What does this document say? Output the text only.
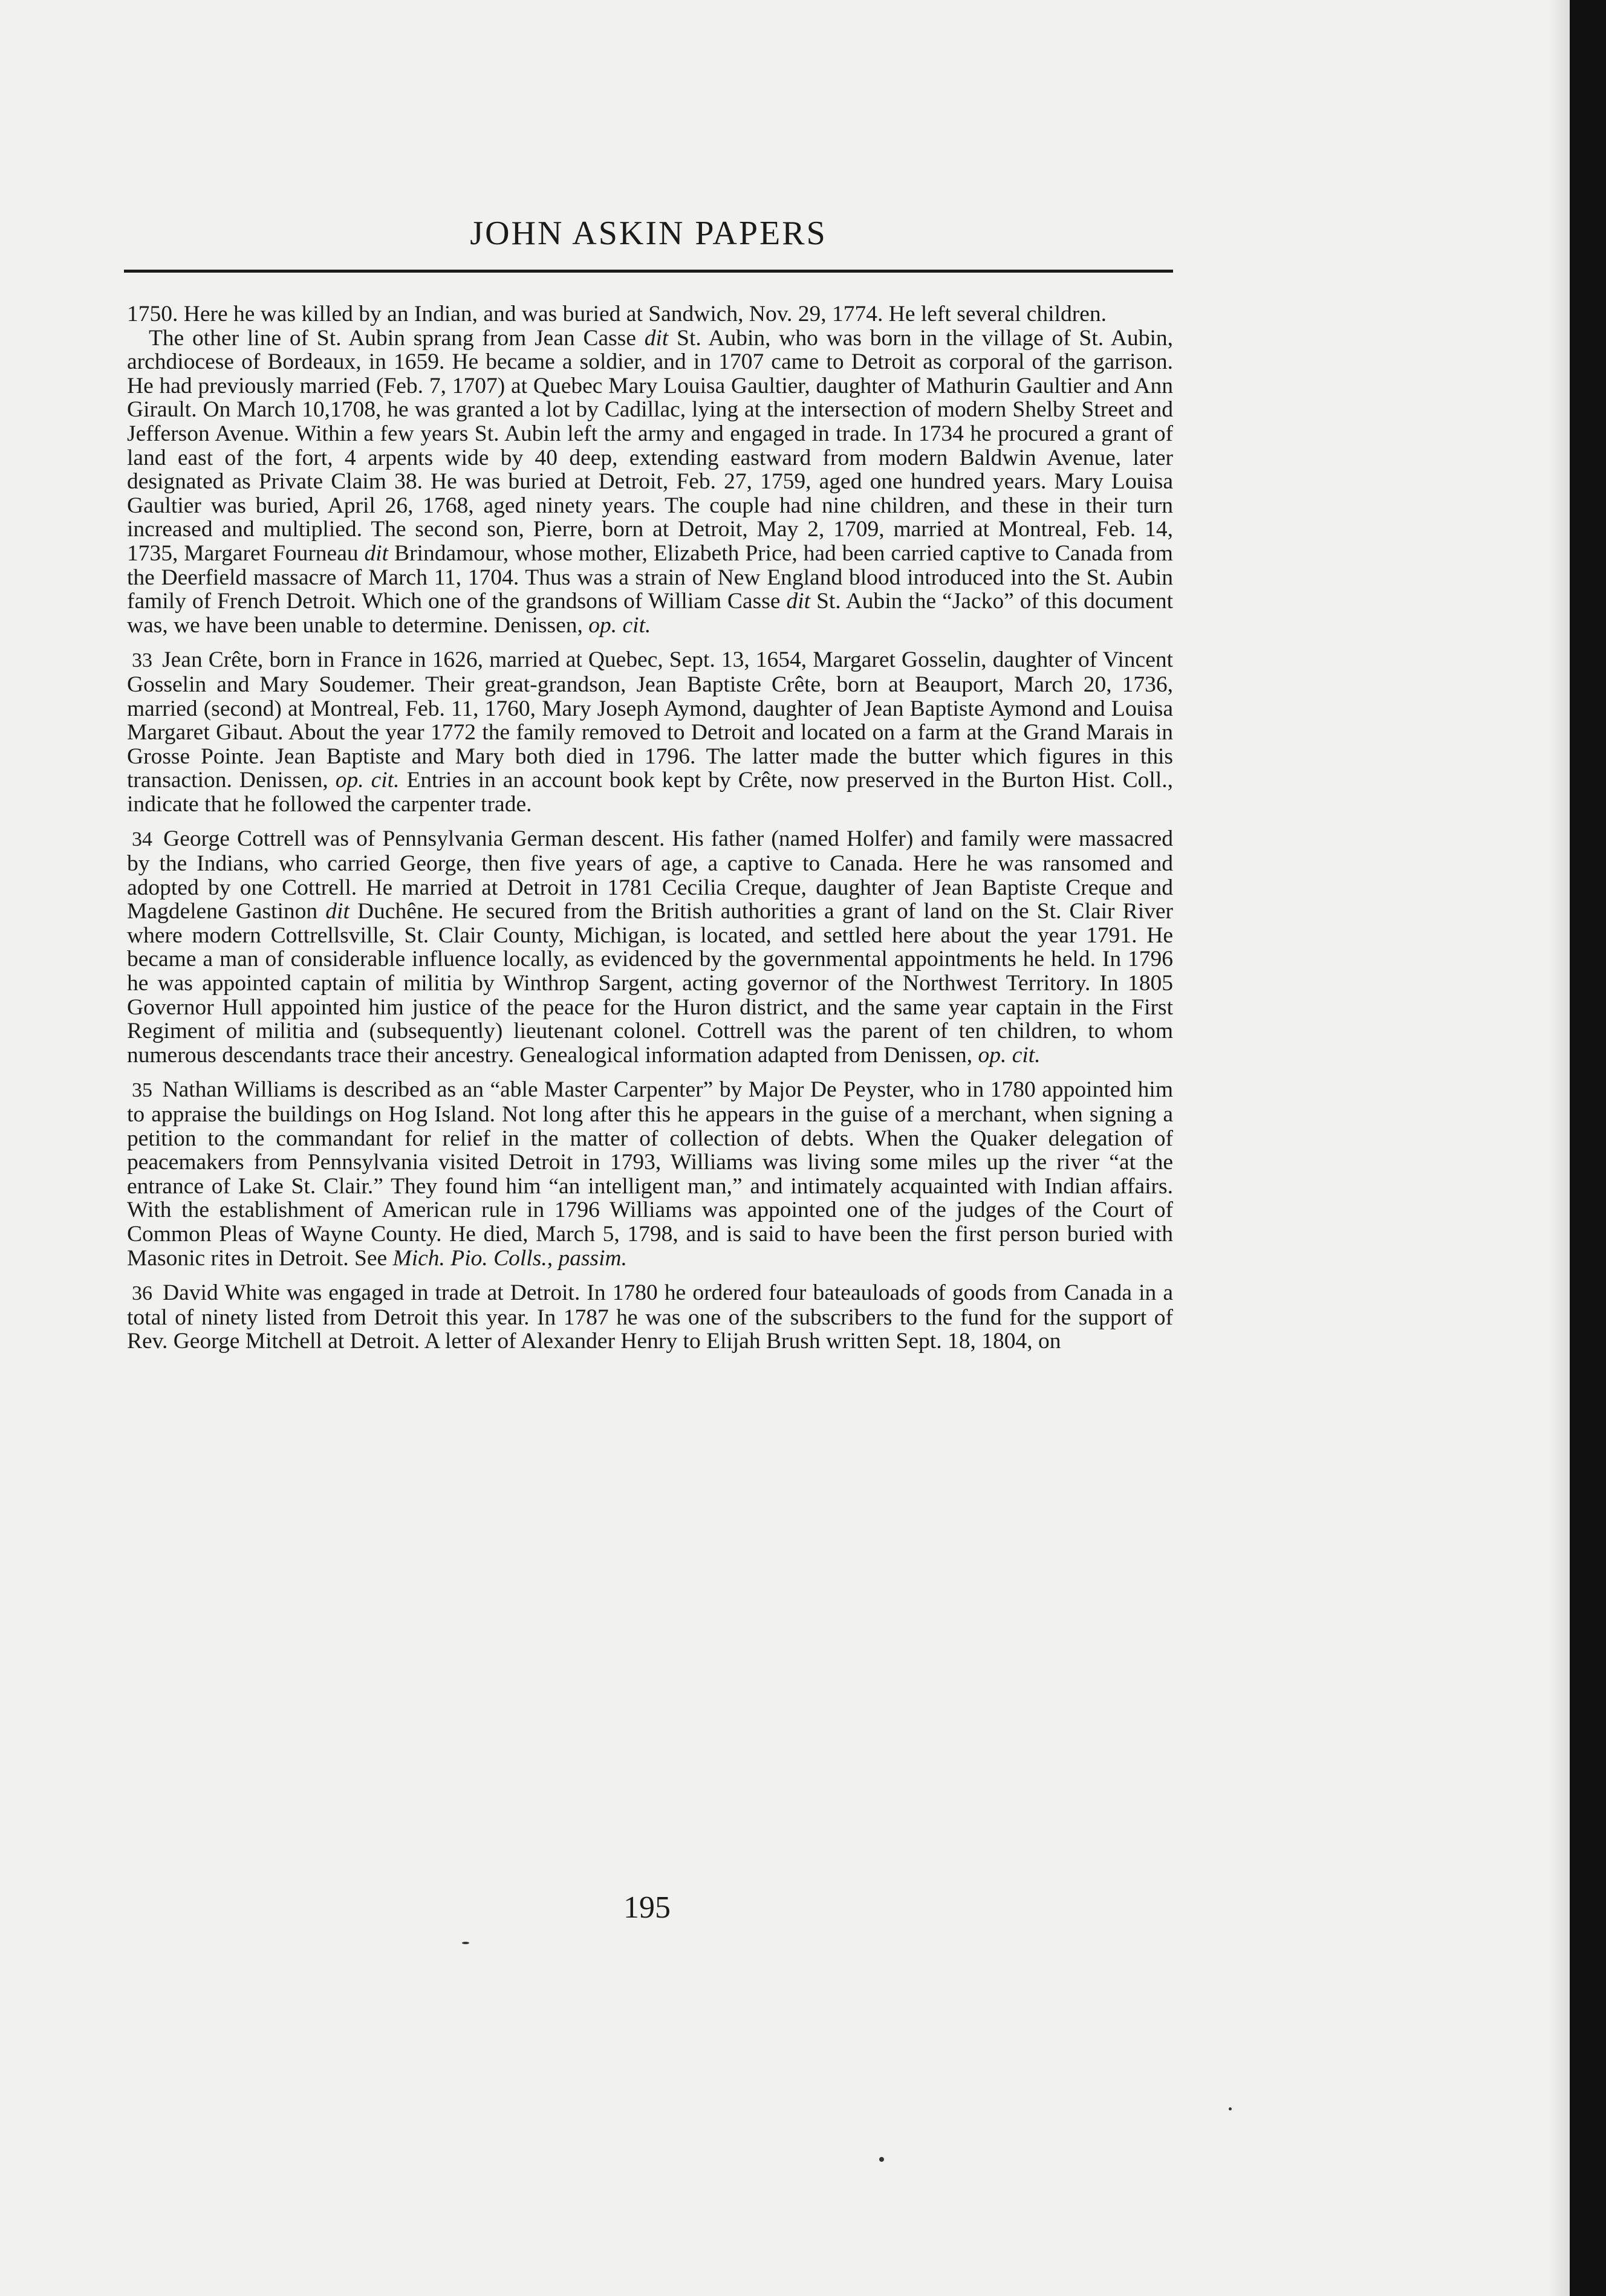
JOHN ASKIN PAPERS

1750. Here he was killed by an Indian, and was buried at Sandwich, Nov. 29, 1774. He left several children.

The other line of St. Aubin sprang from Jean Casse dit St. Aubin, who was born in the village of St. Aubin, archdiocese of Bordeaux, in 1659. He became a soldier, and in 1707 came to Detroit as corporal of the garrison. He had previously married (Feb. 7, 1707) at Quebec Mary Louisa Gaultier, daughter of Mathurin Gaultier and Ann Girault. On March 10,1708, he was granted a lot by Cadillac, lying at the intersection of modern Shelby Street and Jefferson Avenue. Within a few years St. Aubin left the army and engaged in trade. In 1734 he procured a grant of land east of the fort, 4 arpents wide by 40 deep, extending eastward from modern Baldwin Avenue, later designated as Private Claim 38. He was buried at Detroit, Feb. 27, 1759, aged one hundred years. Mary Louisa Gaultier was buried, April 26, 1768, aged ninety years. The couple had nine children, and these in their turn increased and multiplied. The second son, Pierre, born at Detroit, May 2, 1709, married at Montreal, Feb. 14, 1735, Margaret Fourneau dit Brindamour, whose mother, Elizabeth Price, had been carried captive to Canada from the Deerfield massacre of March 11, 1704. Thus was a strain of New England blood introduced into the St. Aubin family of French Detroit. Which one of the grandsons of William Casse dit St. Aubin the “Jacko” of this document was, we have been unable to determine. Denissen, op. cit.

33 Jean Crête, born in France in 1626, married at Quebec, Sept. 13, 1654, Margaret Gosselin, daughter of Vincent Gosselin and Mary Soudemer. Their great-grandson, Jean Baptiste Crête, born at Beauport, March 20, 1736, married (second) at Montreal, Feb. 11, 1760, Mary Joseph Aymond, daughter of Jean Baptiste Aymond and Louisa Margaret Gibaut. About the year 1772 the family removed to Detroit and located on a farm at the Grand Marais in Grosse Pointe. Jean Baptiste and Mary both died in 1796. The latter made the butter which figures in this transaction. Denissen, op. cit. Entries in an account book kept by Crête, now preserved in the Burton Hist. Coll., indicate that he followed the carpenter trade.

34 George Cottrell was of Pennsylvania German descent. His father (named Holfer) and family were massacred by the Indians, who carried George, then five years of age, a captive to Canada. Here he was ransomed and adopted by one Cottrell. He married at Detroit in 1781 Cecilia Creque, daughter of Jean Baptiste Creque and Magdelene Gastinon dit Duchêne. He secured from the British authorities a grant of land on the St. Clair River where modern Cottrellsville, St. Clair County, Michigan, is located, and settled here about the year 1791. He became a man of considerable influence locally, as evidenced by the governmental appointments he held. In 1796 he was appointed captain of militia by Winthrop Sargent, acting governor of the Northwest Territory. In 1805 Governor Hull appointed him justice of the peace for the Huron district, and the same year captain in the First Regiment of militia and (subsequently) lieutenant colonel. Cottrell was the parent of ten children, to whom numerous descendants trace their ancestry. Genealogical information adapted from Denissen, op. cit.

35 Nathan Williams is described as an “able Master Carpenter” by Major De Peyster, who in 1780 appointed him to appraise the buildings on Hog Island. Not long after this he appears in the guise of a merchant, when signing a petition to the commandant for relief in the matter of collection of debts. When the Quaker delegation of peacemakers from Pennsylvania visited Detroit in 1793, Williams was living some miles up the river “at the entrance of Lake St. Clair.” They found him “an intelligent man,” and intimately acquainted with Indian affairs. With the establishment of American rule in 1796 Williams was appointed one of the judges of the Court of Common Pleas of Wayne County. He died, March 5, 1798, and is said to have been the first person buried with Masonic rites in Detroit. See Mich. Pio. Colls., passim.

36 David White was engaged in trade at Detroit. In 1780 he ordered four bateauloads of goods from Canada in a total of ninety listed from Detroit this year. In 1787 he was one of the subscribers to the fund for the support of Rev. George Mitchell at Detroit. A letter of Alexander Henry to Elijah Brush written Sept. 18, 1804, on

195
